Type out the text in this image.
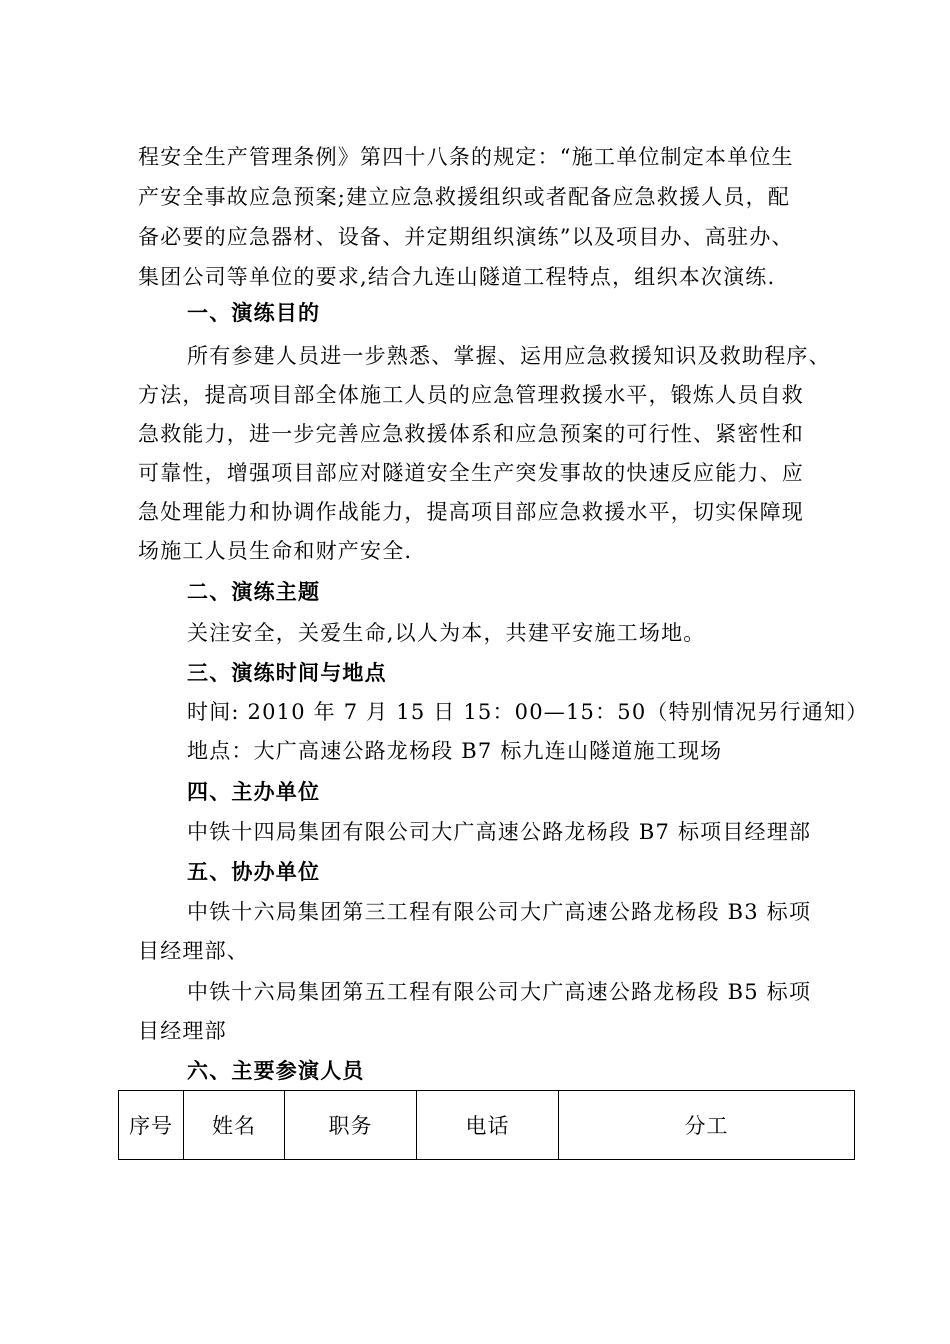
程安全生产管理条例》第四十八条的规定：“施工单位制定本单位生
产安全事故应急预案;建立应急救援组织或者配备应急救援人员，配
备必要的应急器材、设备、并定期组织演练”以及项目办、高驻办、
集团公司等单位的要求,结合九连山隧道工程特点，组织本次演练.
一、演练目的
所有参建人员进一步熟悉、掌握、运用应急救援知识及救助程序、
方法，提高项目部全体施工人员的应急管理救援水平，锻炼人员自救
急救能力，进一步完善应急救援体系和应急预案的可行性、紧密性和
可靠性，增强项目部应对隧道安全生产突发事故的快速反应能力、应
急处理能力和协调作战能力，提高项目部应急救援水平，切实保障现
场施工人员生命和财产安全.
二、演练主题
关注安全，关爱生命,以人为本，共建平安施工场地。
三、演练时间与地点
时间: 2010 年 7 月 15 日 15：00—15：50（特别情况另行通知）
地点：大广高速公路龙杨段 B7 标九连山隧道施工现场
四、主办单位
中铁十四局集团有限公司大广高速公路龙杨段 B7 标项目经理部
五、协办单位
中铁十六局集团第三工程有限公司大广高速公路龙杨段 B3 标项
目经理部、
中铁十六局集团第五工程有限公司大广高速公路龙杨段 B5 标项
目经理部
六、主要参演人员
序号	姓名	职务	电话	分工
